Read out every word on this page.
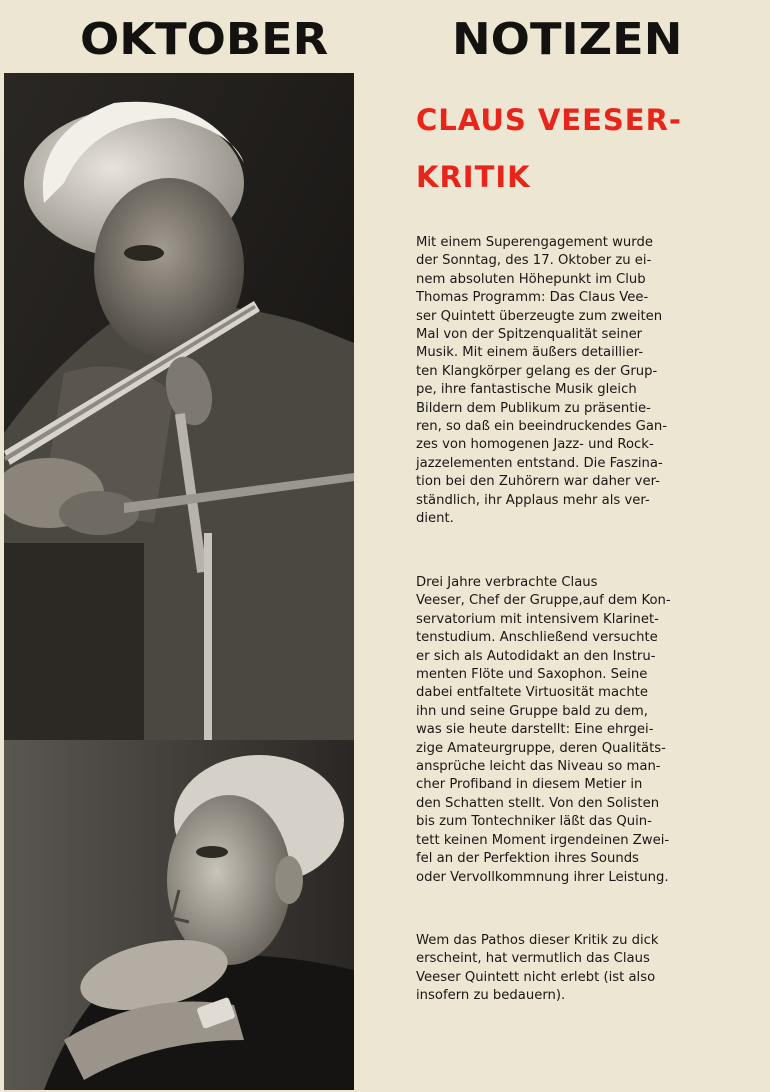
OKTOBER	NOTIZEN
CLAUS VEESER-
KRITIK

Mit einem Superengagement wurde
der Sonntag, des 17. Oktober zu ei-
nem absoluten Höhepunkt im Club
Thomas Programm: Das Claus Vee-
ser Quintett überzeugte zum zweiten
Mal von der Spitzenqualität seiner
Musik. Mit einem äußers detaillier-
ten Klangkörper gelang es der Grup-
pe, ihre fantastische Musik gleich
Bildern dem Publikum zu präsentie-
ren, so daß ein beeindruckendes Gan-
zes von homogenen Jazz- und Rock-
jazzelementen entstand. Die Faszina-
tion bei den Zuhörern war daher ver-
ständlich, ihr Applaus mehr als ver-
dient.

Drei Jahre verbrachte Claus
Veeser, Chef der Gruppe,auf dem Kon-
servatorium mit intensivem Klarinet-
tenstudium. Anschließend versuchte
er sich als Autodidakt an den Instru-
menten Flöte und Saxophon. Seine
dabei entfaltete Virtuosität machte
ihn und seine Gruppe bald zu dem,
was sie heute darstellt: Eine ehrgei-
zige Amateurgruppe, deren Qualitäts-
ansprüche leicht das Niveau so man-
cher Profiband in diesem Metier in
den Schatten stellt. Von den Solisten
bis zum Tontechniker läßt das Quin-
tett keinen Moment irgendeinen Zwei-
fel an der Perfektion ihres Sounds
oder Vervollkommnung ihrer Leistung.

Wem das Pathos dieser Kritik zu dick
erscheint, hat vermutlich das Claus
Veeser Quintett nicht erlebt (ist also
insofern zu bedauern).
